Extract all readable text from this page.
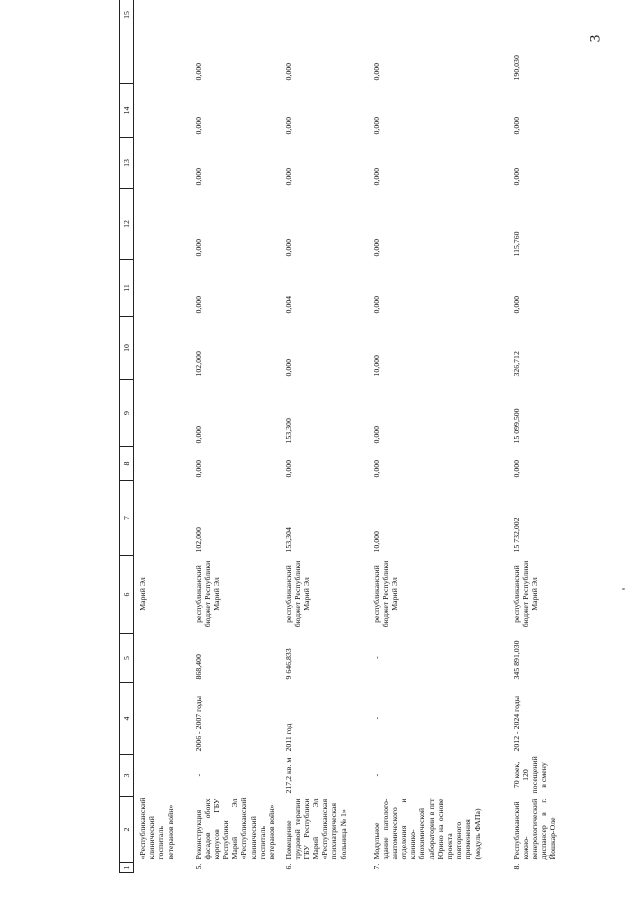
3
1	2	3	4	5	6	7	8	9	10	11	12	13	14	15
	«Республиканский клинический госпиталь ветеранов войн»				Марий Эл									
5.	Реконструкция фасадов обоих корпусов ГБУ Республики Марий Эл «Республиканский клинический госпиталь ветеранов войн»	-	2006 - 2007 годы	868,400	республиканский бюджет Республики Марий Эл	102,000	0,000	0,000	102,000	0,000	0,000	0,000	0,000	0,000
6.	Помещение трудовой терапии ГБУ Республики Марий Эл «Республиканская психиатрическая больница № 1»	217,2 кв. м	2011 год	9 646,833	республиканский бюджет Республики Марий Эл	153,304	0,000	153,300	0,000	0,004	0,000	0,000	0,000	0,000
7.	Модульное здание патолого-анатомического отделения и клинико-биохимической лаборатории в пгт Юрино на основе проекта повторного применения (модуль ФАПа)	-	-	-	республиканский бюджет Республики Марий Эл	10,000	0,000	0,000	10,000	0,000	0,000	0,000	0,000	0,000
8.	Республиканский кожно-венерологический диспансер в г. Йошкар-Оле	70 коек, 120 посещений в смену	2012 - 2024 годы	345 891,030	республиканский бюджет Республики Марий Эл	15 732,002	0,000	15 099,500	326,712	0,000	115,760	0,000	0,000	190,030
